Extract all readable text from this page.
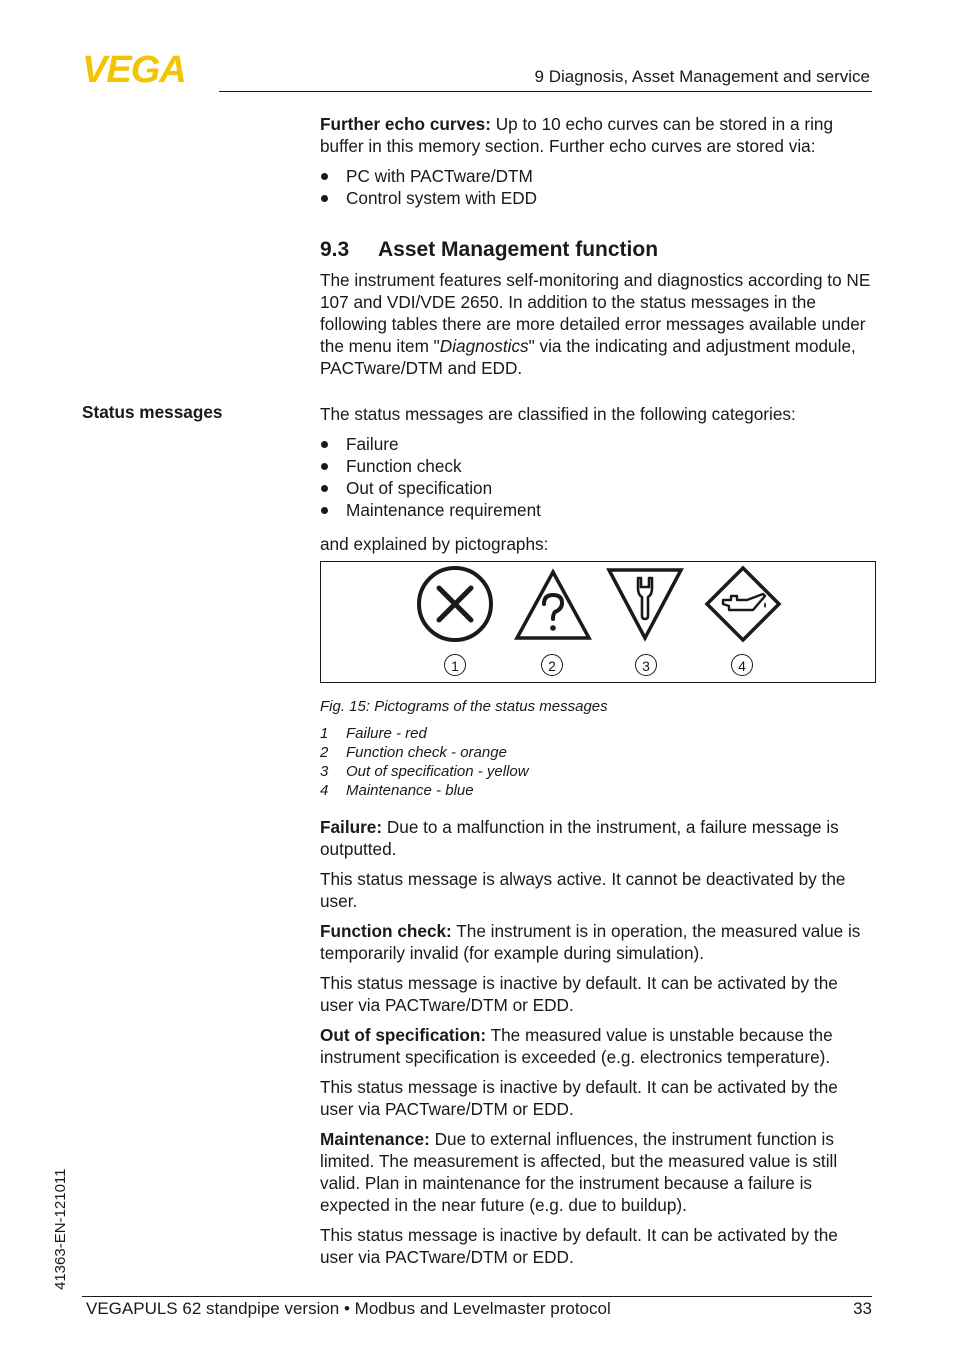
VEGA	9 Diagnosis, Asset Management and service
Status messages

Further echo curves: Up to 10 echo curves can be stored in a ring buffer in this memory section. Further echo curves are stored via:

PC with PACTware/DTM
Control system with EDD
9.3 Asset Management function

The instrument features self-monitoring and diagnostics according to NE 107 and VDI/VDE 2650. In addition to the status messages in the following tables there are more detailed error messages available under the menu item "Diagnostics" via the indicating and adjustment module, PACTware/DTM and EDD.

The status messages are classified in the following categories:

Failure
Function check
Out of specification
Maintenance requirement

and explained by pictographs:

1	2	3	4

Fig. 15: Pictograms of the status messages

1 Failure - red
2 Function check - orange
3 Out of specification - yellow
4 Maintenance - blue

Failure: Due to a malfunction in the instrument, a failure message is outputted.

This status message is always active. It cannot be deactivated by the user.

Function check: The instrument is in operation, the measured value is temporarily invalid (for example during simulation).

This status message is inactive by default. It can be activated by the user via PACTware/DTM or EDD.

Out of specification: The measured value is unstable because the instrument specification is exceeded (e.g. electronics temperature).

This status message is inactive by default. It can be activated by the user via PACTware/DTM or EDD.

Maintenance: Due to external influences, the instrument function is limited. The measurement is affected, but the measured value is still valid. Plan in maintenance for the instrument because a failure is expected in the near future (e.g. due to buildup).

This status message is inactive by default. It can be activated by the user via PACTware/DTM or EDD.

41363-EN-121011
VEGAPULS 62 standpipe version • Modbus and Levelmaster protocol	33
